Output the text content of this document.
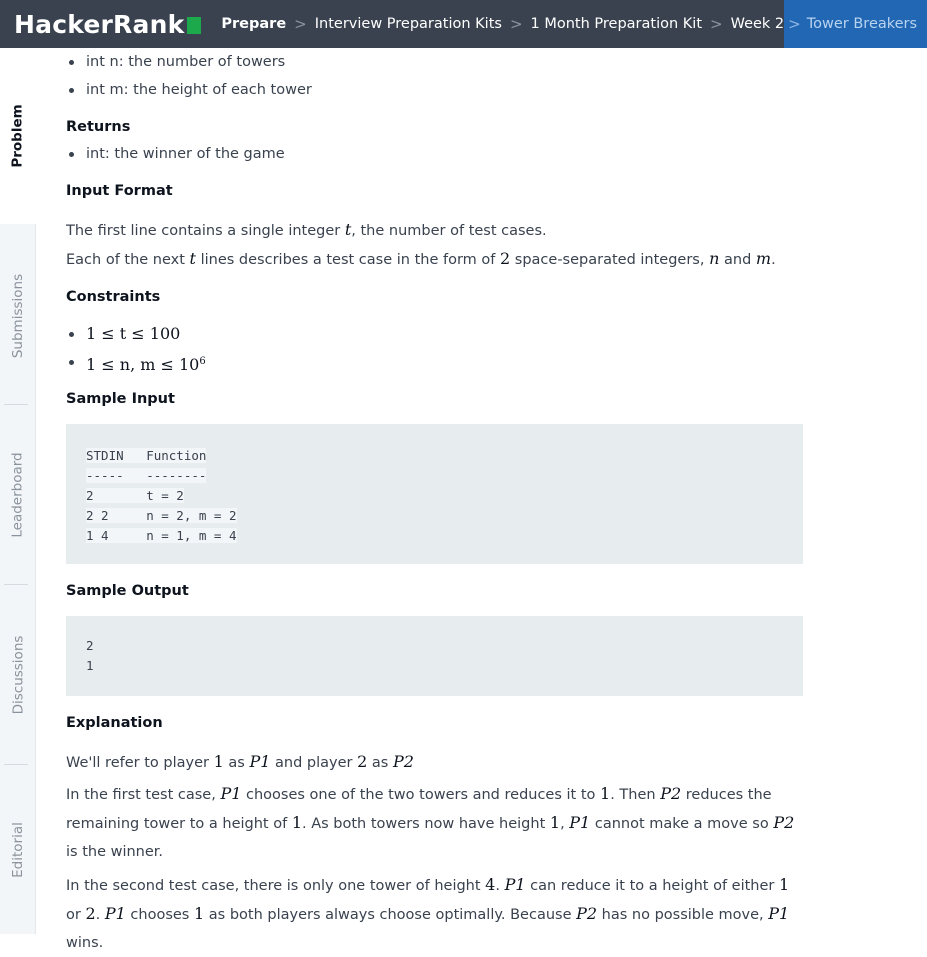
HackerRank	Prepare > Interview Preparation Kits > 1 Month Preparation Kit > Week 2 > Tower Breakers
Problem
Submissions
Leaderboard
Discussions
Editorial
int n: the number of towers
int m: the height of each tower
Returns
int: the winner of the game
Input Format
The first line contains a single integer t, the number of test cases.
Each of the next t lines describes a test case in the form of 2 space-separated integers, n and m.
Constraints
1 ≤ t ≤ 100
1 ≤ n, $m \le 10^6$
Sample Input
STDIN   Function
-----   --------
2       t = 2
2 2     n = 2, m = 2
1 4     n = 1, m = 4
Sample Output
2
1
Explanation
We'll refer to player 1 as P1 and player 2 as P2
In the first test case, P1 chooses one of the two towers and reduces it to 1. Then P2 reduces the remaining tower to a height of 1. As both towers now have height 1, P1 cannot make a move so P2 is the winner.
In the second test case, there is only one tower of height 4. P1 can reduce it to a height of either 1 or 2. P1 chooses 1 as both players always choose optimally. Because P2 has no possible move, P1 wins.
